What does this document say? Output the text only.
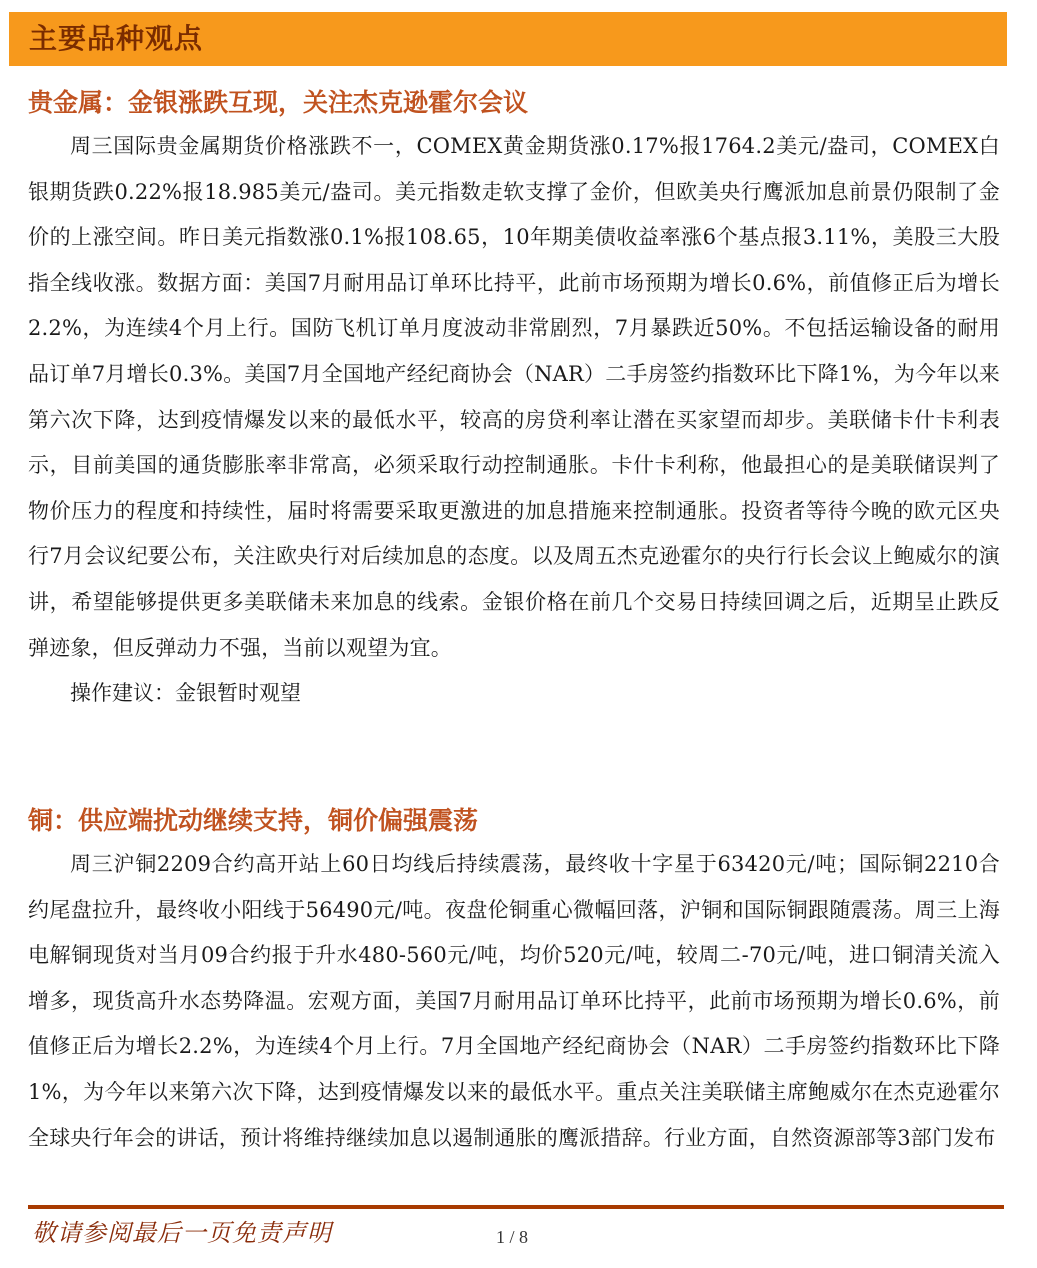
主要品种观点
贵金属：金银涨跌互现，关注杰克逊霍尔会议

周三国际贵金属期货价格涨跌不一，COMEX黄金期货涨0.17%报1764.2美元/盎司，COMEX白银期货跌0.22%报18.985美元/盎司。美元指数走软支撑了金价，但欧美央行鹰派加息前景仍限制了金价的上涨空间。昨日美元指数涨0.1%报108.65，10年期美债收益率涨6个基点报3.11%，美股三大股指全线收涨。数据方面：美国7月耐用品订单环比持平，此前市场预期为增长0.6%，前值修正后为增长2.2%，为连续4个月上行。国防飞机订单月度波动非常剧烈，7月暴跌近50%。不包括运输设备的耐用品订单7月增长0.3%。美国7月全国地产经纪商协会（NAR）二手房签约指数环比下降1%，为今年以来第六次下降，达到疫情爆发以来的最低水平，较高的房贷利率让潜在买家望而却步。美联储卡什卡利表示，目前美国的通货膨胀率非常高，必须采取行动控制通胀。卡什卡利称，他最担心的是美联储误判了物价压力的程度和持续性，届时将需要采取更激进的加息措施来控制通胀。投资者等待今晚的欧元区央行7月会议纪要公布，关注欧央行对后续加息的态度。以及周五杰克逊霍尔的央行行长会议上鲍威尔的演讲，希望能够提供更多美联储未来加息的线索。金银价格在前几个交易日持续回调之后，近期呈止跌反弹迹象，但反弹动力不强，当前以观望为宜。

操作建议：金银暂时观望

铜：供应端扰动继续支持，铜价偏强震荡

周三沪铜2209合约高开站上60日均线后持续震荡，最终收十字星于63420元/吨；国际铜2210合约尾盘拉升，最终收小阳线于56490元/吨。夜盘伦铜重心微幅回落，沪铜和国际铜跟随震荡。周三上海电解铜现货对当月09合约报于升水480-560元/吨，均价520元/吨，较周二-70元/吨，进口铜清关流入增多，现货高升水态势降温。宏观方面，美国7月耐用品订单环比持平，此前市场预期为增长0.6%，前值修正后为增长2.2%，为连续4个月上行。7月全国地产经纪商协会（NAR）二手房签约指数环比下降1%，为今年以来第六次下降，达到疫情爆发以来的最低水平。重点关注美联储主席鲍威尔在杰克逊霍尔全球央行年会的讲话，预计将维持继续加息以遏制通胀的鹰派措辞。行业方面，自然资源部等3部门发布

敬请参阅最后一页免责声明	1 / 8
